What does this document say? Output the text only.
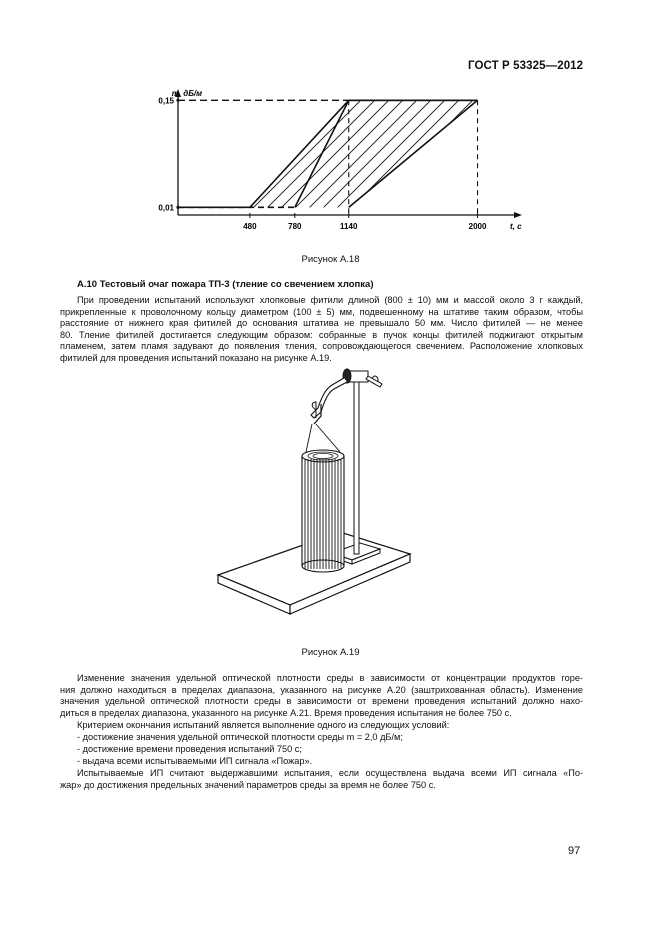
ГОСТ Р 53325—2012
480	780	1140	2000
0,15
0,01
m, дБ/м
t, с
Рисунок А.18
А.10 Тестовый очаг пожара ТП-3 (тление со свечением хлопка)
При проведении испытаний используют хлопковые фитили длиной (800 ± 10) мм и массой около 3 г каждый,
прикрепленные к проволочному кольцу диаметром (100 ± 5) мм, подвешенному на штативе таким образом, чтобы
расстояние от нижнего края фитилей до основания штатива не превышало 50 мм. Число фитилей — не менее
80. Тление фитилей достигается следующим образом: собранные в пучок концы фитилей поджигают открытым
пламенем, затем пламя задувают до появления тления, сопровождающегося свечением. Расположение хлопковых
фитилей для проведения испытаний показано на рисунке А.19.
Рисунок А.19
Изменение значения удельной оптической плотности среды в зависимости от концентрации продуктов горе-
ния должно находиться в пределах диапазона, указанного на рисунке А.20 (заштрихованная область). Изменение
значения удельной оптической плотности среды в зависимости от времени проведения испытаний должно нахо-
диться в пределах диапазона, указанного на рисунке А.21. Время проведения испытания не более 750 с.
Критерием окончания испытаний является выполнение одного из следующих условий:
- достижение значения удельной оптической плотности среды m = 2,0 дБ/м;
- достижение времени проведения испытаний 750 с;
- выдача всеми испытываемыми ИП сигнала «Пожар».
Испытываемые ИП считают выдержавшими испытания, если осуществлена выдача всеми ИП сигнала «По-
жар» до достижения предельных значений параметров среды за время не более 750 с.
97
